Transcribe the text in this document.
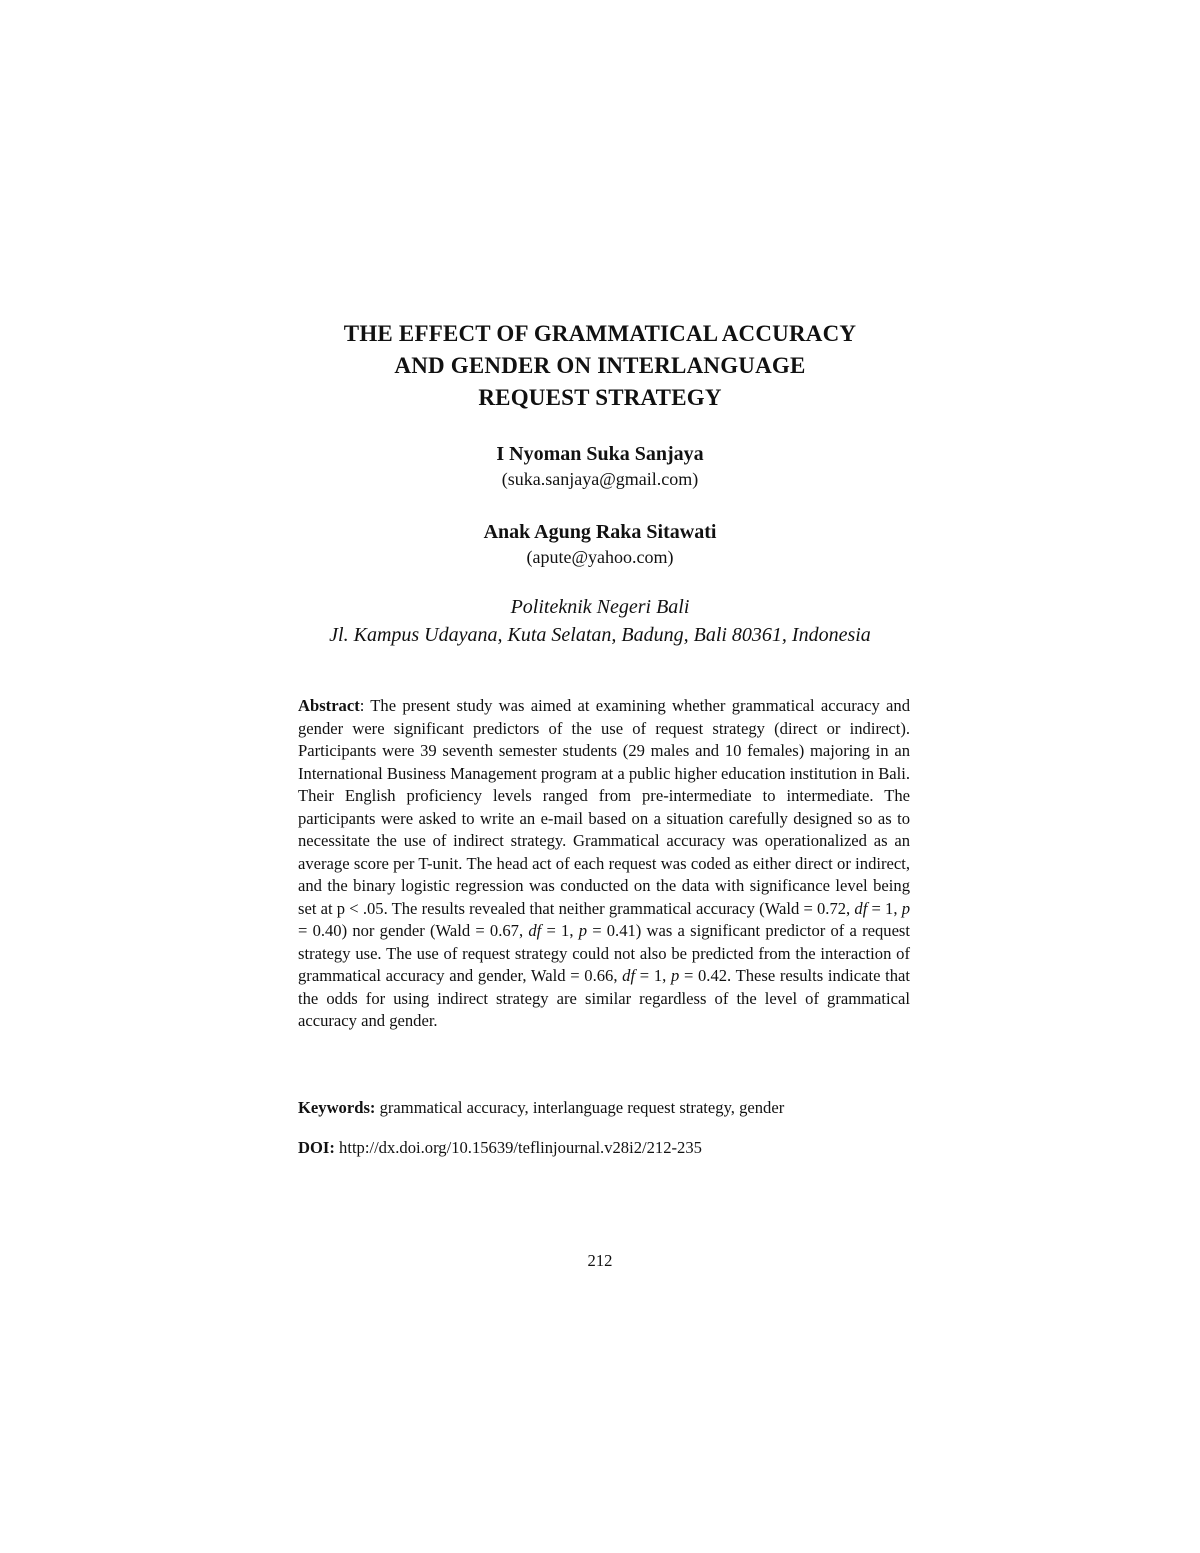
THE EFFECT OF GRAMMATICAL ACCURACY
AND GENDER ON INTERLANGUAGE
REQUEST STRATEGY
I Nyoman Suka Sanjaya
(suka.sanjaya@gmail.com)
Anak Agung Raka Sitawati
(apute@yahoo.com)
Politeknik Negeri Bali
Jl. Kampus Udayana, Kuta Selatan, Badung, Bali 80361, Indonesia
Abstract: The present study was aimed at examining whether grammatical accuracy and gender were significant predictors of the use of request strategy (direct or indirect). Participants were 39 seventh semester students (29 males and 10 females) majoring in an International Business Management program at a public higher education institution in Bali. Their English proficiency levels ranged from pre-intermediate to intermediate. The participants were asked to write an e-mail based on a situation carefully designed so as to necessitate the use of indirect strategy. Grammatical accuracy was operationalized as an average score per T-unit. The head act of each request was coded as either direct or indirect, and the binary logistic regression was conducted on the data with significance level being set at p < .05. The results revealed that neither grammatical accuracy (Wald = 0.72, df = 1, p = 0.40) nor gender (Wald = 0.67, df = 1, p = 0.41) was a significant predictor of a request strategy use. The use of request strategy could not also be predicted from the interaction of grammatical accuracy and gender, Wald = 0.66, df = 1, p = 0.42. These results indicate that the odds for using indirect strategy are similar regardless of the level of grammatical accuracy and gender.
Keywords: grammatical accuracy, interlanguage request strategy, gender
DOI: http://dx.doi.org/10.15639/teflinjournal.v28i2/212-235
212
